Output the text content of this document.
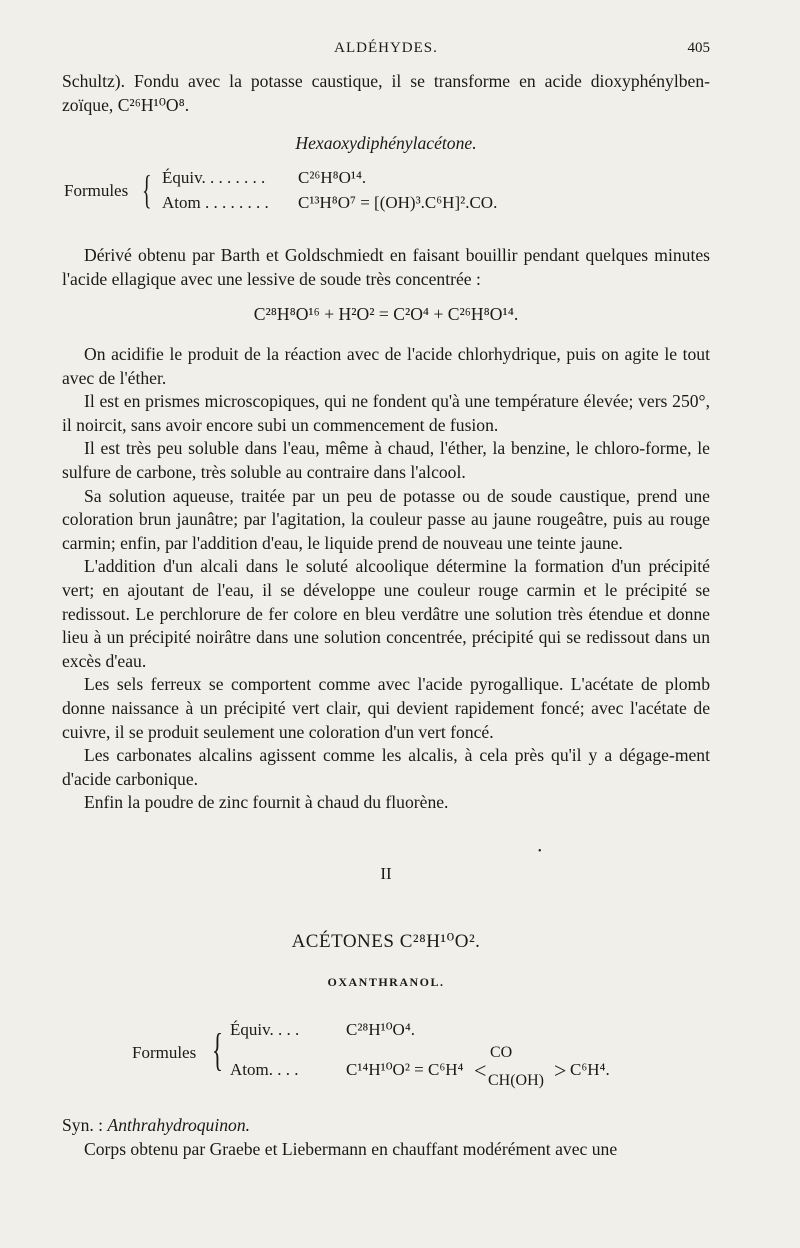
ALDÉHYDES.	405

Schultz). Fondu avec la potasse caustique, il se transforme en acide dioxyphénylben-zoïque, C²⁶H¹⁰O⁸.

Hexaoxydiphénylacétone.

Formules { Équiv. . . . . . . . C²⁶H⁸O¹⁴.
Atom . . . . . . . . C¹³H⁸O⁷ = [(OH)³.C⁶H]².CO.

Dérivé obtenu par Barth et Goldschmiedt en faisant bouillir pendant quelques minutes l'acide ellagique avec une lessive de soude très concentrée :

C²⁸H⁸O¹⁶ + H²O² = C²O⁴ + C²⁶H⁸O¹⁴.

On acidifie le produit de la réaction avec de l'acide chlorhydrique, puis on agite le tout avec de l'éther.

Il est en prismes microscopiques, qui ne fondent qu'à une température élevée; vers 250°, il noircit, sans avoir encore subi un commencement de fusion.

Il est très peu soluble dans l'eau, même à chaud, l'éther, la benzine, le chloro-forme, le sulfure de carbone, très soluble au contraire dans l'alcool.

Sa solution aqueuse, traitée par un peu de potasse ou de soude caustique, prend une coloration brun jaunâtre; par l'agitation, la couleur passe au jaune rougeâtre, puis au rouge carmin; enfin, par l'addition d'eau, le liquide prend de nouveau une teinte jaune.

L'addition d'un alcali dans le soluté alcoolique détermine la formation d'un précipité vert; en ajoutant de l'eau, il se développe une couleur rouge carmin et le précipité se redissout. Le perchlorure de fer colore en bleu verdâtre une solution très étendue et donne lieu à un précipité noirâtre dans une solution concentrée, précipité qui se redissout dans un excès d'eau.

Les sels ferreux se comportent comme avec l'acide pyrogallique. L'acétate de plomb donne naissance à un précipité vert clair, qui devient rapidement foncé; avec l'acétate de cuivre, il se produit seulement une coloration d'un vert foncé.

Les carbonates alcalins agissent comme les alcalis, à cela près qu'il y a dégage-ment d'acide carbonique.

Enfin la poudre de zinc fournit à chaud du fluorène.

•
II
ACÉTONES C²⁸H¹⁰O².
OXANTHRANOL.
Formules { Équiv. . . .	C²⁸H¹⁰O⁴.
Atom. . . .	C¹⁴H¹⁰O² = C⁶H⁴ <
CO
CH(OH) > C⁶H⁴.

Syn. : Anthrahydroquinon.

Corps obtenu par Graebe et Liebermann en chauffant modérément avec une
